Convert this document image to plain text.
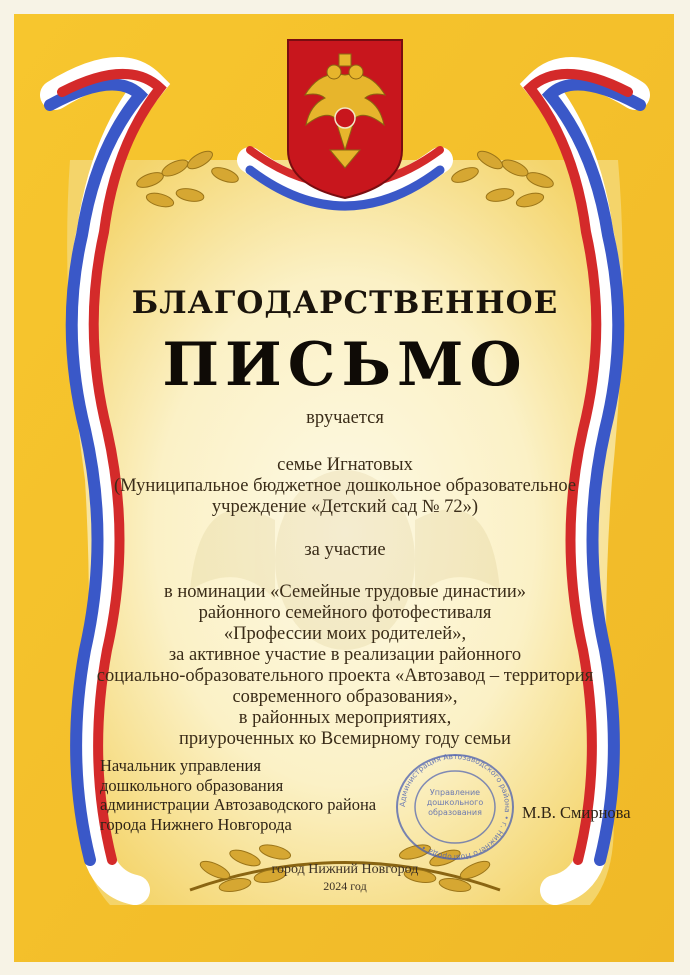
БЛАГОДАРСТВЕННОЕ
ПИСЬМО
вручается
семье Игнатовых
(Муниципальное бюджетное дошкольное образовательное
учреждение «Детский сад № 72»)
за участие
в номинации «Семейные трудовые династии»
районного семейного фотофестиваля
«Профессии моих родителей»,
за активное участие в реализации районного
социально-образовательного проекта «Автозавод – территория
современного образования»,
в районных мероприятиях,
приуроченных ко Всемирному году семьи
Начальник управления
дошкольного образования
администрации Автозаводского района
города Нижнего Новгорода
Администрация Автозаводского района • г. Нижнего Новгорода •
Управление дошкольного образования	М.В. Смирнова
город Нижний Новгород
2024 год
